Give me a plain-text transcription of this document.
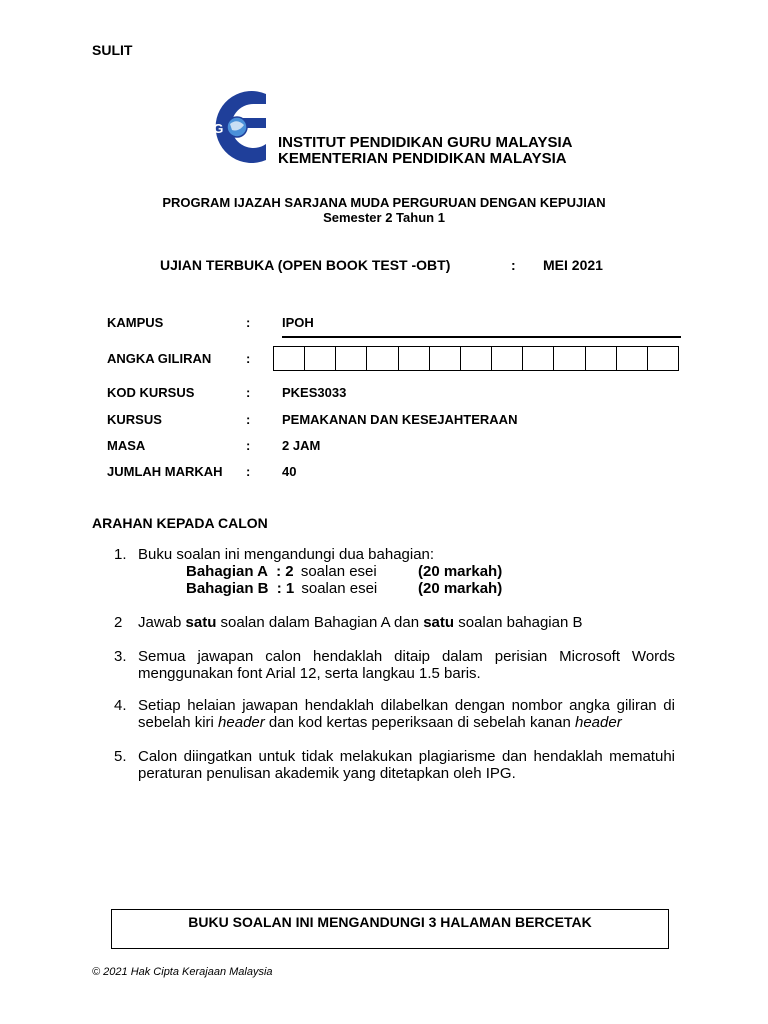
SULIT
IPG
INSTITUT PENDIDIKAN GURU MALAYSIA
KEMENTERIAN PENDIDIKAN MALAYSIA
PROGRAM IJAZAH SARJANA MUDA PERGURUAN DENGAN KEPUJIAN
Semester 2 Tahun 1
UJIAN TERBUKA (OPEN BOOK TEST -OBT)	: MEI 2021
KAMPUS	:	IPOH
ANGKA GILIRAN	:
KOD KURSUS	:	PKES3033
KURSUS	:	PEMAKANAN DAN KESEJAHTERAAN
MASA	:	2 JAM
JUMLAH MARKAH	:	40
ARAHAN KEPADA CALON
1. Buku soalan ini mengandungi dua bahagian:
Bahagian A : 2 soalan esei	(20 markah)
Bahagian B : 1 soalan esei	(20 markah)
2	Jawab satu soalan dalam Bahagian A dan satu soalan bahagian B
3. Semua jawapan calon hendaklah ditaip dalam perisian Microsoft Words menggunakan font Arial 12, serta langkau 1.5 baris.
4. Setiap helaian jawapan hendaklah dilabelkan dengan nombor angka giliran di sebelah kiri header dan kod kertas peperiksaan di sebelah kanan header
5. Calon diingatkan untuk tidak melakukan plagiarisme dan hendaklah mematuhi peraturan penulisan akademik yang ditetapkan oleh IPG.
BUKU SOALAN INI MENGANDUNGI 3 HALAMAN BERCETAK
© 2021 Hak Cipta Kerajaan Malaysia
